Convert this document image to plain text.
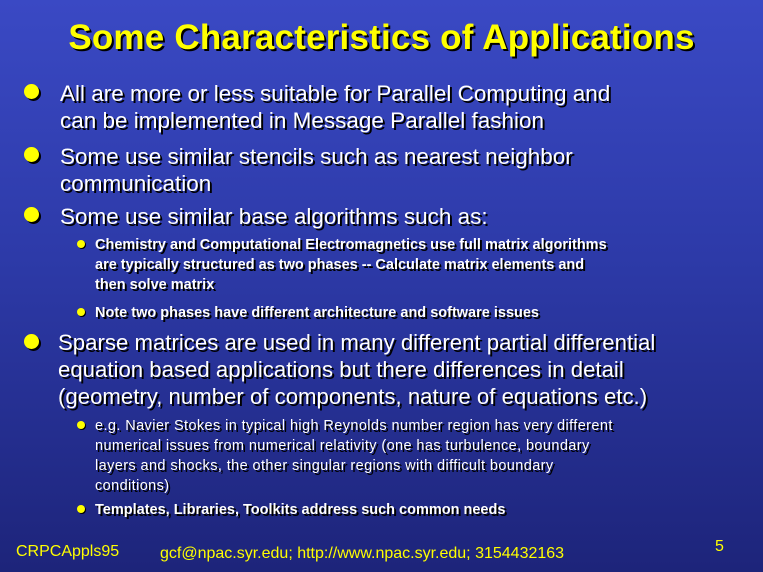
Some Characteristics of Applications
All are more or less suitable for Parallel Computing and
can be implemented in Message Parallel fashion
Some use similar stencils such as nearest neighbor
communication
Some use similar base algorithms such as:
Chemistry and Computational Electromagnetics use full matrix algorithms
are typically structured as two phases -- Calculate matrix elements and
then solve matrix
Note two phases have different architecture and software issues
Sparse matrices are used in many different partial differential
equation based applications but there differences in detail
(geometry, number of components, nature of equations etc.)
e.g. Navier Stokes in typical high Reynolds number region has very different
numerical issues from numerical relativity (one has turbulence, boundary
layers and shocks, the other singular regions with difficult boundary
conditions)
Templates, Libraries, Toolkits address such common needs
CRPCAppls95	gcf@npac.syr.edu; http://www.npac.syr.edu; 3154432163	5
